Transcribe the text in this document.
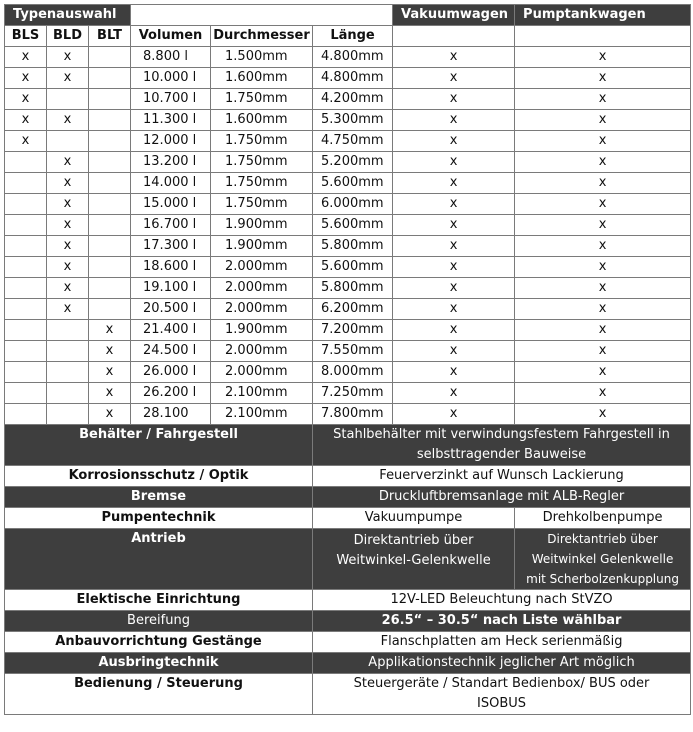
Typenauswahl						Vakuumwagen	Pumptankwagen
BLS	BLD	BLT	Volumen	Durchmesser	Länge		
x	x		8.800 l	1.500mm	4.800mm	x	x
x	x		10.000 l	1.600mm	4.800mm	x	x
x			10.700 l	1.750mm	4.200mm	x	x
x	x		11.300 l	1.600mm	5.300mm	x	x
x			12.000 l	1.750mm	4.750mm	x	x
	x		13.200 l	1.750mm	5.200mm	x	x
	x		14.000 l	1.750mm	5.600mm	x	x
	x		15.000 l	1.750mm	6.000mm	x	x
	x		16.700 l	1.900mm	5.600mm	x	x
	x		17.300 l	1.900mm	5.800mm	x	x
	x		18.600 l	2.000mm	5.600mm	x	x
	x		19.100 l	2.000mm	5.800mm	x	x
	x		20.500 l	2.000mm	6.200mm	x	x
		x	21.400 l	1.900mm	7.200mm	x	x
		x	24.500 l	2.000mm	7.550mm	x	x
		x	26.000 l	2.000mm	8.000mm	x	x
		x	26.200 l	2.100mm	7.250mm	x	x
		x	28.100	2.100mm	7.800mm	x	x
Behälter / Fahrgestell					Stahlbehälter mit verwindungsfestem Fahrgestell in selbsttragender Bauweise		
Korrosionsschutz / Optik					Feuerverzinkt auf Wunsch Lackierung		
Bremse					Druckluftbremsanlage mit ALB-Regler		
Pumpentechnik					Vakuumpumpe		Drehkolbenpumpe
Antrieb					Direktantrieb über Weitwinkel-Gelenkwelle		Direktantrieb über Weitwinkel Gelenkwelle mit Scherbolzenkupplung
Elektische Einrichtung					12V-LED Beleuchtung nach StVZO		
Bereifung					26.5“ – 30.5“ nach Liste wählbar		
Anbauvorrichtung Gestänge					Flanschplatten am Heck serienmäßig		
Ausbringtechnik					Applikationstechnik jeglicher Art möglich		
Bedienung / Steuerung					Steuergeräte / Standart Bedienbox/ BUS oder ISOBUS		
